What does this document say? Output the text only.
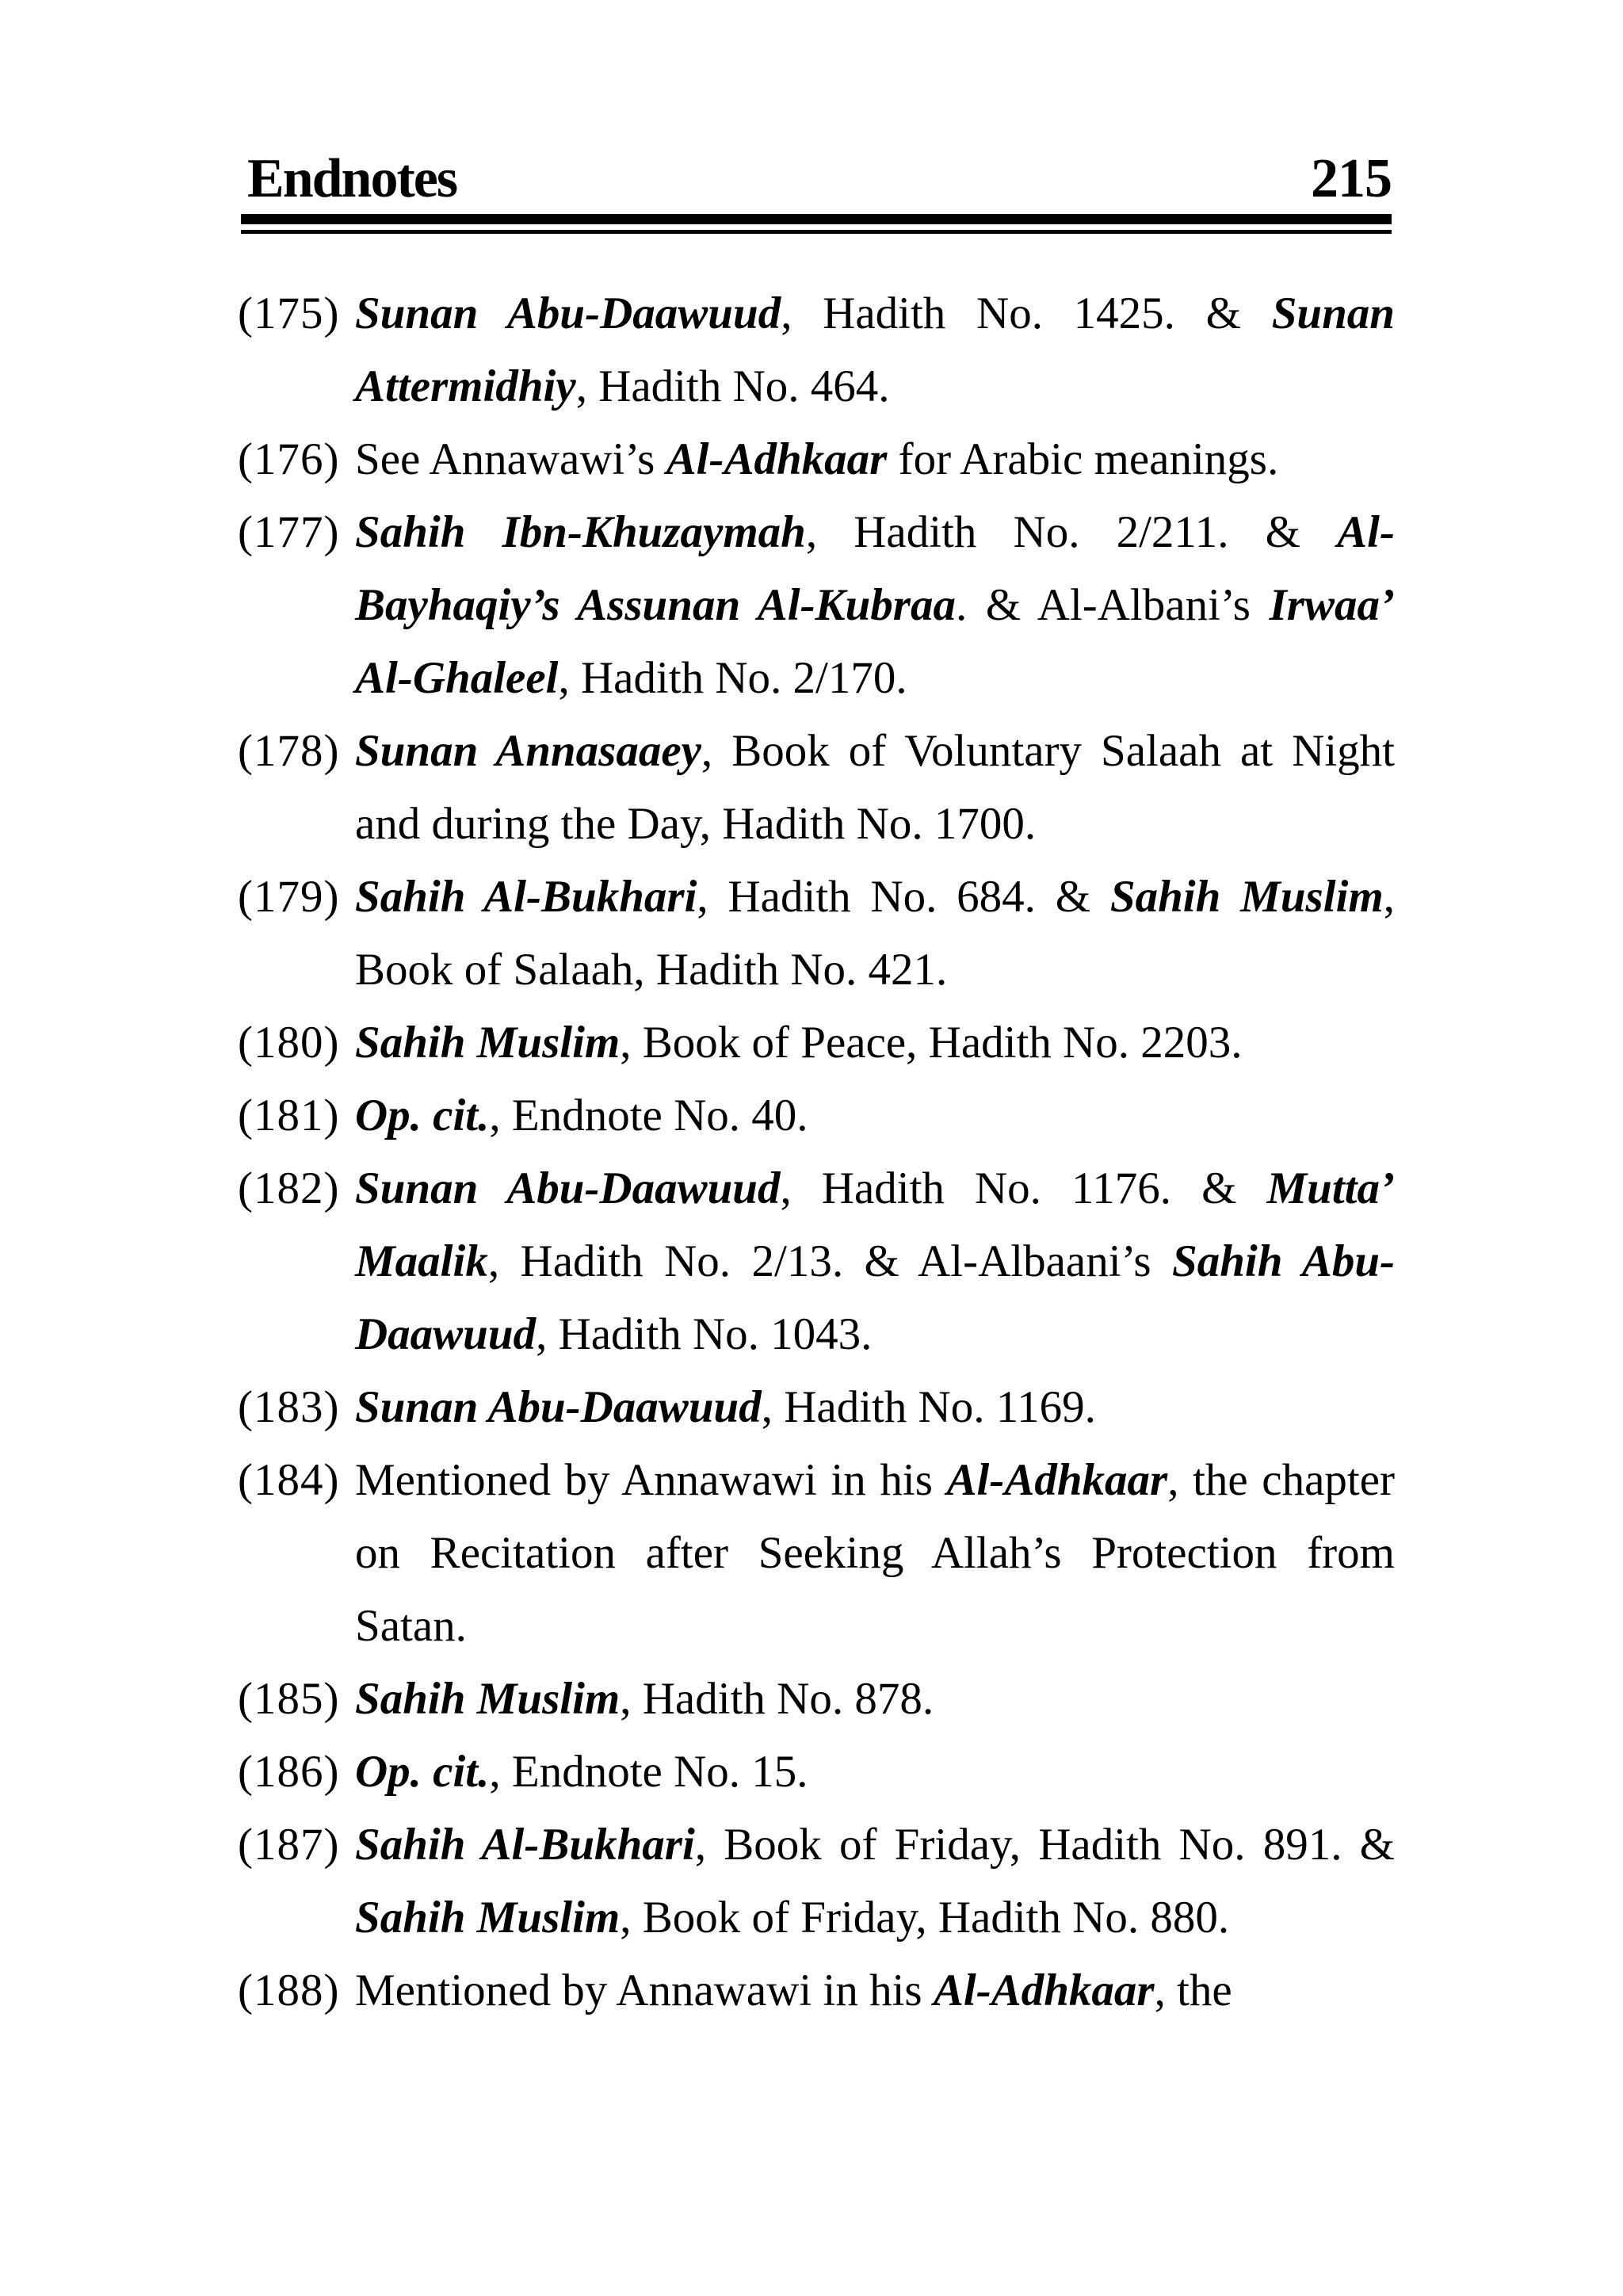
Endnotes	215
(175) Sunan Abu-Daawuud, Hadith No. 1425. & Sunan Attermidhiy, Hadith No. 464.
(176) See Annawawi’s Al-Adhkaar for Arabic meanings.
(177) Sahih Ibn-Khuzaymah, Hadith No. 2/211. & Al-Bayhaqiy’s Assunan Al-Kubraa. & Al-Albani’s Irwaa’ Al-Ghaleel, Hadith No. 2/170.
(178) Sunan Annasaaey, Book of Voluntary Salaah at Night and during the Day, Hadith No. 1700.
(179) Sahih Al-Bukhari, Hadith No. 684. & Sahih Muslim, Book of Salaah, Hadith No. 421.
(180) Sahih Muslim, Book of Peace, Hadith No. 2203.
(181) Op. cit., Endnote No. 40.
(182) Sunan Abu-Daawuud, Hadith No. 1176. & Mutta’ Maalik, Hadith No. 2/13. & Al-Albaani’s Sahih Abu-Daawuud, Hadith No. 1043.
(183) Sunan Abu-Daawuud, Hadith No. 1169.
(184) Mentioned by Annawawi in his Al-Adhkaar, the chapter on Recitation after Seeking Allah’s Protection from Satan.
(185) Sahih Muslim, Hadith No. 878.
(186) Op. cit., Endnote No. 15.
(187) Sahih Al-Bukhari, Book of Friday, Hadith No. 891. & Sahih Muslim, Book of Friday, Hadith No. 880.
(188) Mentioned by Annawawi in his Al-Adhkaar, the
